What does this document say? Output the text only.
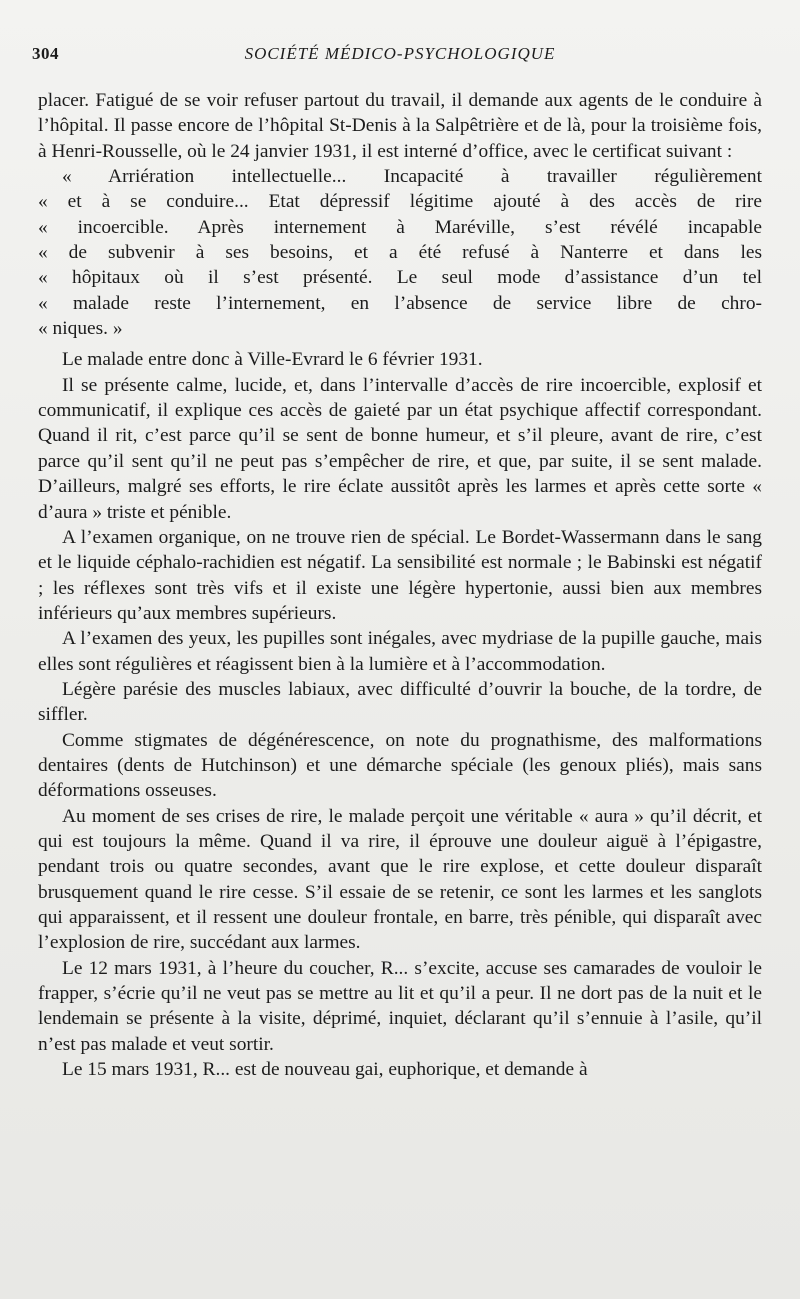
304	SOCIÉTÉ MÉDICO-PSYCHOLOGIQUE

placer. Fatigué de se voir refuser partout du travail, il demande aux agents de le conduire à l’hôpital. Il passe encore de l’hôpital St-Denis à la Salpêtrière et de là, pour la troisième fois, à Henri-Rousselle, où le 24 janvier 1931, il est interné d’office, avec le certificat suivant :

« Arriération intellectuelle... Incapacité à travailler régulièrement
« et à se conduire... Etat dépressif légitime ajouté à des accès de rire
« incoercible. Après internement à Maréville, s’est révélé incapable
« de subvenir à ses besoins, et a été refusé à Nanterre et dans les
« hôpitaux où il s’est présenté. Le seul mode d’assistance d’un tel
« malade reste l’internement, en l’absence de service libre de chro-
« niques. »

Le malade entre donc à Ville-Evrard le 6 février 1931.

Il se présente calme, lucide, et, dans l’intervalle d’accès de rire incoercible, explosif et communicatif, il explique ces accès de gaieté par un état psychique affectif correspondant. Quand il rit, c’est parce qu’il se sent de bonne humeur, et s’il pleure, avant de rire, c’est parce qu’il sent qu’il ne peut pas s’empêcher de rire, et que, par suite, il se sent malade. D’ailleurs, malgré ses efforts, le rire éclate aussitôt après les larmes et après cette sorte « d’aura » triste et pénible.

A l’examen organique, on ne trouve rien de spécial. Le Bordet-Wassermann dans le sang et le liquide céphalo-rachidien est négatif. La sensibilité est normale ; le Babinski est négatif ; les réflexes sont très vifs et il existe une légère hypertonie, aussi bien aux membres inférieurs qu’aux membres supérieurs.

A l’examen des yeux, les pupilles sont inégales, avec mydriase de la pupille gauche, mais elles sont régulières et réagissent bien à la lumière et à l’accommodation.

Légère parésie des muscles labiaux, avec difficulté d’ouvrir la bouche, de la tordre, de siffler.

Comme stigmates de dégénérescence, on note du prognathisme, des malformations dentaires (dents de Hutchinson) et une démarche spéciale (les genoux pliés), mais sans déformations osseuses.

Au moment de ses crises de rire, le malade perçoit une véritable « aura » qu’il décrit, et qui est toujours la même. Quand il va rire, il éprouve une douleur aiguë à l’épigastre, pendant trois ou quatre secondes, avant que le rire explose, et cette douleur disparaît brusquement quand le rire cesse. S’il essaie de se retenir, ce sont les larmes et les sanglots qui apparaissent, et il ressent une douleur frontale, en barre, très pénible, qui disparaît avec l’explosion de rire, succédant aux larmes.

Le 12 mars 1931, à l’heure du coucher, R... s’excite, accuse ses camarades de vouloir le frapper, s’écrie qu’il ne veut pas se mettre au lit et qu’il a peur. Il ne dort pas de la nuit et le lendemain se présente à la visite, déprimé, inquiet, déclarant qu’il s’ennuie à l’asile, qu’il n’est pas malade et veut sortir.

Le 15 mars 1931, R... est de nouveau gai, euphorique, et demande à
